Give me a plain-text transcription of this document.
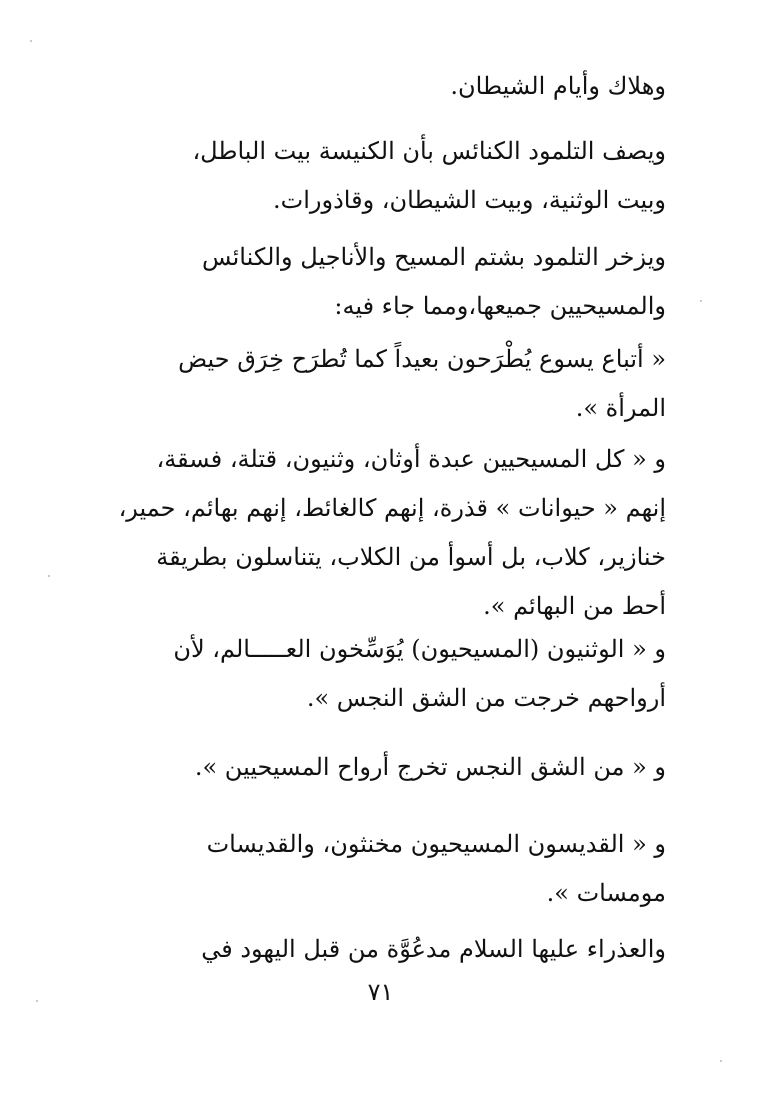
وهلاك وأيام الشيطان.
ويصف التلمود الكنائس بأن الكنيسة بيت الباطل،
وبيت الوثنية، وبيت الشيطان، وقاذورات.
ويزخر التلمود بشتم المسيح والأناجيل والكنائس
والمسيحيين جميعها،ومما جاء فيه:
« أتباع يسوع يُطْرَحون بعيداً كما تُطرَح خِرَق حيض
المرأة ».
و « كل المسيحيين عبدة أوثان، وثنيون، قتلة، فسقة،
إنهم « حيوانات » قذرة، إنهم كالغائط، إنهم بهائم، حمير،
خنازير، كلاب، بل أسوأ من الكلاب، يتناسلون بطريقة
أحط من البهائم ».
و « الوثنيون (المسيحيون) يُوَسِّخون العـــــالم، لأن
أرواحهم خرجت من الشق النجس ».
و « من الشق النجس تخرج أرواح المسيحيين ».
و « القديسون المسيحيون مخنثون، والقديسات
مومسات ».
والعذراء عليها السلام مدعُوَّة من قبل اليهود في
٧١
